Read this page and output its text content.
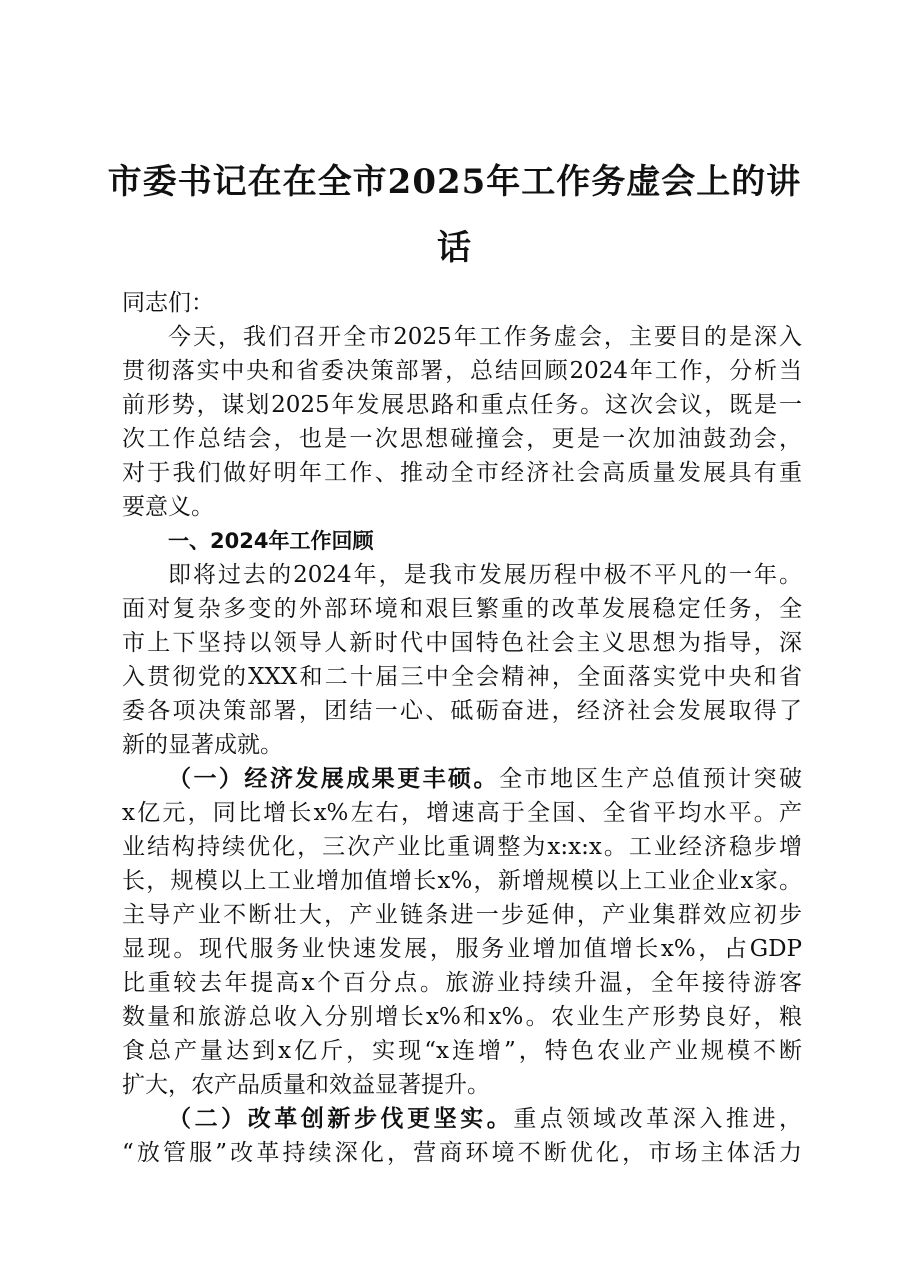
市委书记在在全市2025年工作务虚会上的讲
话
同志们：
今天，我们召开全市2025年工作务虚会，主要目的是深入
贯彻落实中央和省委决策部署，总结回顾2024年工作，分析当
前形势，谋划2025年发展思路和重点任务。这次会议，既是一
次工作总结会，也是一次思想碰撞会，更是一次加油鼓劲会，
对于我们做好明年工作、推动全市经济社会高质量发展具有重
要意义。
一、2024年工作回顾
即将过去的2024年，是我市发展历程中极不平凡的一年。
面对复杂多变的外部环境和艰巨繁重的改革发展稳定任务，全
市上下坚持以领导人新时代中国特色社会主义思想为指导，深
入贯彻党的XXX和二十届三中全会精神，全面落实党中央和省
委各项决策部署，团结一心、砥砺奋进，经济社会发展取得了
新的显著成就。
（一）经济发展成果更丰硕。全市地区生产总值预计突破
x亿元，同比增长x%左右，增速高于全国、全省平均水平。产
业结构持续优化，三次产业比重调整为x:x:x。工业经济稳步增
长，规模以上工业增加值增长x%，新增规模以上工业企业x家。
主导产业不断壮大，产业链条进一步延伸，产业集群效应初步
显现。现代服务业快速发展，服务业增加值增长x%，占GDP
比重较去年提高x个百分点。旅游业持续升温，全年接待游客
数量和旅游总收入分别增长x%和x%。农业生产形势良好，粮
食总产量达到x亿斤，实现“x连增”，特色农业产业规模不断
扩大，农产品质量和效益显著提升。
（二）改革创新步伐更坚实。重点领域改革深入推进，
“放管服”改革持续深化，营商环境不断优化，市场主体活力
